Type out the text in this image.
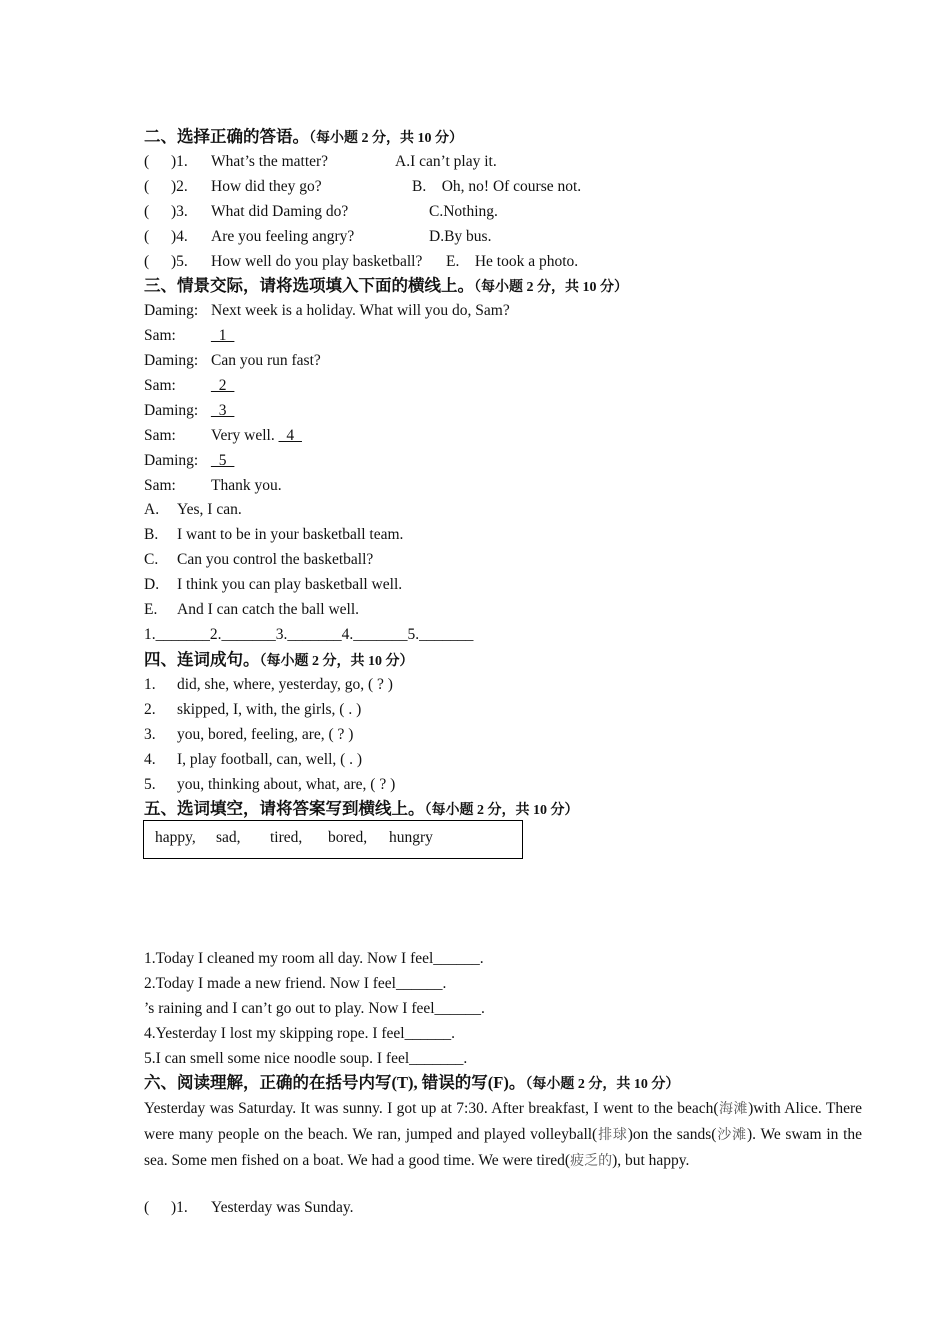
二、选择正确的答语。（每小题 2 分，共 10 分）
( )1. What’s the matter?	A.I can’t play it.
( )2. How did they go?	B.    Oh, no! Of course not.
( )3. What did Daming do?	C.Nothing.
( )4. Are you feeling angry?	D.By bus.
( )5. How well do you play basketball? E.    He took a photo.
三、情景交际，请将选项填入下面的横线上。（每小题 2 分，共 10 分）
Daming: Next week is a holiday. What will you do, Sam?
Sam: _1_
Daming: Can you run fast?
Sam: _2_
Daming: _3_
Sam: Very well. _4_
Daming: _5_
Sam: Thank you.
A. Yes, I can.
B. I want to be in your basketball team.
C. Can you control the basketball?
D. I think you can play basketball well.
E. And I can catch the ball well.
1._______2._______3._______4._______5._______
四、连词成句。（每小题 2 分，共 10 分）
1. did, she, where, yesterday, go, ( ? )
2. skipped, I, with, the girls, ( . )
3. you, bored, feeling, are, ( ? )
4. I, play football, can, well, ( . )
5. you, thinking about, what, are, ( ? )
五、选词填空，请将答案写到横线上。（每小题 2 分，共 10 分）
happy, sad, tired, bored, hungry
1.Today I cleaned my room all day. Now I feel______.
2.Today I made a new friend. Now I feel______.
’s raining and I can’t go out to play. Now I feel______.
4.Yesterday I lost my skipping rope. I feel______.
5.I can smell some nice noodle soup. I feel_______.
六、阅读理解，正确的在括号内写(T), 错误的写(F)。（每小题 2 分，共 10 分）
Yesterday was Saturday. It was sunny. I got up at 7:30. After breakfast, I went to the beach(海滩)with Alice. There were many people on the beach. We ran, jumped and played volleyball(排球)on the sands(沙滩). We swam in the sea. Some men fished on a boat. We had a good time. We were tired(疲乏的), but happy.
( )1. Yesterday was Sunday.
